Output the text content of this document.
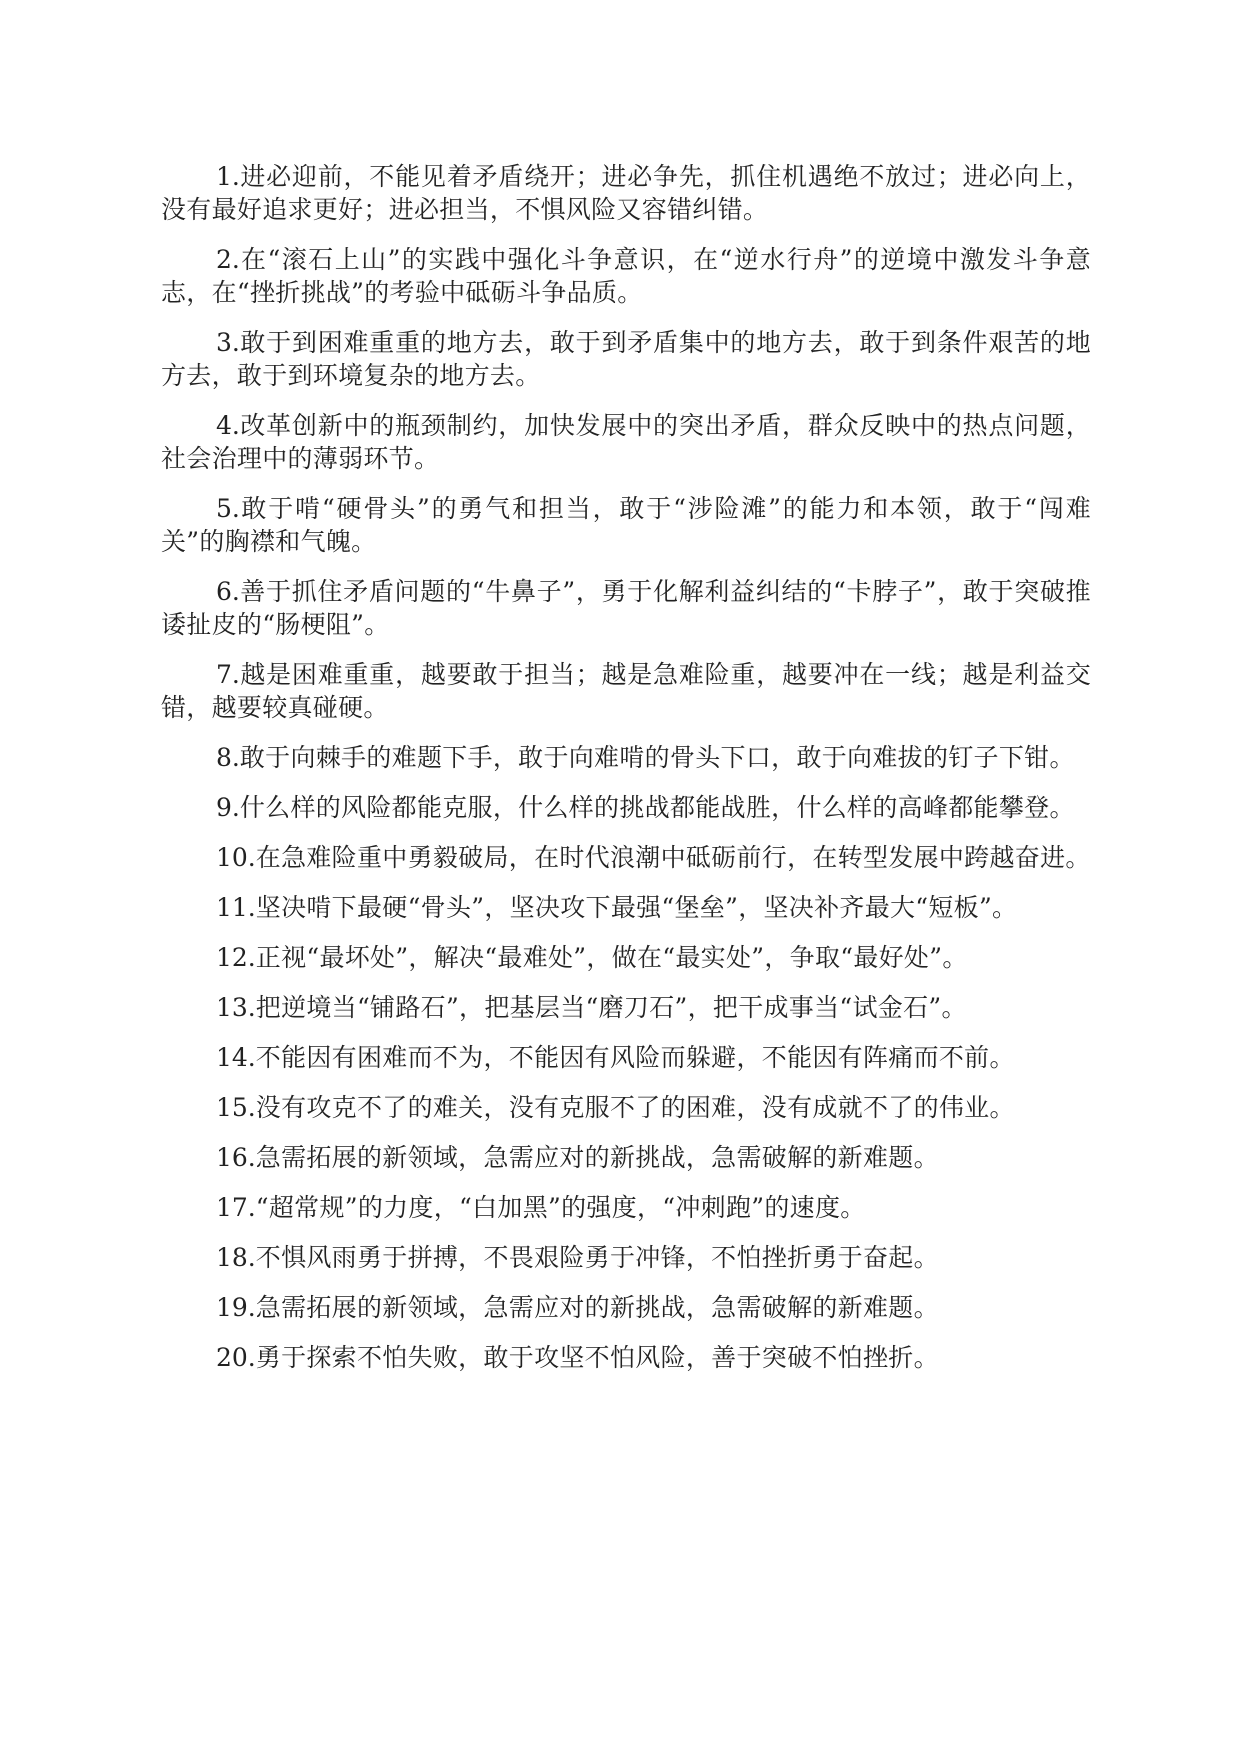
1.进必迎前，不能见着矛盾绕开；进必争先，抓住机遇绝不放过；进必向上，没有最好追求更好；进必担当，不惧风险又容错纠错。

2.在“滚石上山”的实践中强化斗争意识，在“逆水行舟”的逆境中激发斗争意志，在“挫折挑战”的考验中砥砺斗争品质。

3.敢于到困难重重的地方去，敢于到矛盾集中的地方去，敢于到条件艰苦的地方去，敢于到环境复杂的地方去。

4.改革创新中的瓶颈制约，加快发展中的突出矛盾，群众反映中的热点问题，社会治理中的薄弱环节。

5.敢于啃“硬骨头”的勇气和担当，敢于“涉险滩”的能力和本领，敢于“闯难关”的胸襟和气魄。

6.善于抓住矛盾问题的“牛鼻子”，勇于化解利益纠结的“卡脖子”，敢于突破推诿扯皮的“肠梗阻”。

7.越是困难重重，越要敢于担当；越是急难险重，越要冲在一线；越是利益交错，越要较真碰硬。

8.敢于向棘手的难题下手，敢于向难啃的骨头下口，敢于向难拔的钉子下钳。

9.什么样的风险都能克服，什么样的挑战都能战胜，什么样的高峰都能攀登。

10.在急难险重中勇毅破局，在时代浪潮中砥砺前行，在转型发展中跨越奋进。

11.坚决啃下最硬“骨头”，坚决攻下最强“堡垒”，坚决补齐最大“短板”。

12.正视“最坏处”，解决“最难处”，做在“最实处”，争取“最好处”。

13.把逆境当“铺路石”，把基层当“磨刀石”，把干成事当“试金石”。

14.不能因有困难而不为，不能因有风险而躲避，不能因有阵痛而不前。

15.没有攻克不了的难关，没有克服不了的困难，没有成就不了的伟业。

16.急需拓展的新领域，急需应对的新挑战，急需破解的新难题。

17.“超常规”的力度，“白加黑”的强度，“冲刺跑”的速度。

18.不惧风雨勇于拼搏，不畏艰险勇于冲锋，不怕挫折勇于奋起。

19.急需拓展的新领域，急需应对的新挑战，急需破解的新难题。

20.勇于探索不怕失败，敢于攻坚不怕风险，善于突破不怕挫折。
